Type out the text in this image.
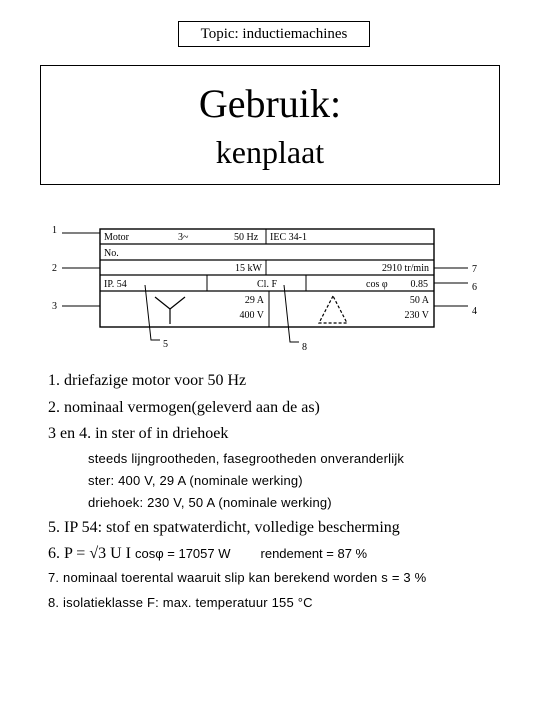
Topic: inductiemachines
Gebruik:
kenplaat
Motor	3~	50 Hz IEC 34-1
No.
15 kW	2910 tr/min
IP. 54	Cl. F	cos φ 0.85
29 A
400 V
50 A
230 V
1
2
3	4
5
6
7
8
1. driefazige motor voor 50 Hz
2. nominaal vermogen(geleverd aan de as)
3 en 4. in ster of in driehoek
steeds lijngrootheden, fasegrootheden onveranderlijk
ster: 400 V, 29 A (nominale werking)
driehoek: 230 V, 50 A (nominale werking)
5. IP 54: stof en spatwaterdicht, volledige bescherming
6. P = √3 U I cosφ = 17057 W rendement = 87 %
7. nominaal toerental waaruit slip kan berekend worden s = 3 %
8. isolatieklasse F: max. temperatuur 155 °C
